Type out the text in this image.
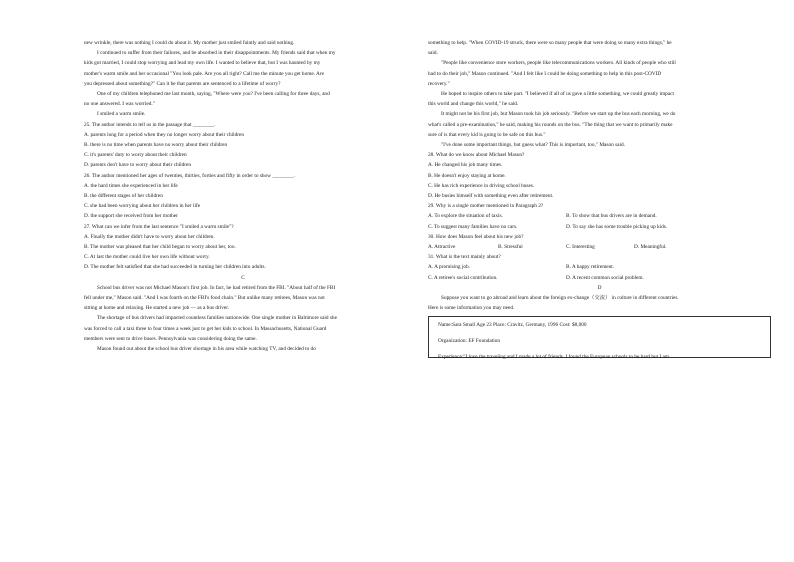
new wrinkle, there was nothing I could do about it. My mother just smiled faintly and said nothing.

I continued to suffer from their failures, and be absorbed in their disappointments. My friends said that when my

kids got married, I could stop worrying and lead my own life. I wanted to believe that, but I was haunted by my

mother's warm smile and her occasional "You look pale. Are you all right? Call me the minute you get home. Are

you depressed about something?" Can it be that parents are sentenced to a lifetime of worry?

One of my children telephoned me last month, saying, "Where were you? I've been calling for three days, and

no one answered. I was worried."

I smiled a warm smile.

25. The author intends to tell us in the passage that ________.

A. parents long for a period when they no longer worry about their children

B. there is no time when parents have no worry about their children

C. it's parents' duty to worry about their children

D. parents don't have to worry about their children

26. The author mentioned her ages of twenties, thirties, forties and fifty in order to show ________.

A. the hard times she experienced in her life

B. the different stages of her children

C. she had been worrying about her children in her life

D. the support she received from her mother

27. What can we infer from the last sentence "I smiled a warm smile"?

A. Finally the mother didn't have to worry about her children.

B. The mother was pleased that her child began to worry about her, too.

C. At last the mother could live her own life without worry.

D. The mother felt satisfied that she had succeeded in turning her children into adults.

C

School bus driver was not Michael Mason's first job. In fact, he had retired from the FBI. "About half of the FBI

fell under me," Mason said. "And I was fourth on the FBI's food chain." But unlike many retirees, Mason was not

sitting at home and relaxing. He started a new job — as a bus driver.

The shortage of bus drivers had impacted countless families nationwide. One single mother in Baltimore said she

was forced to call a taxi three to four times a week just to get her kids to school. In Massachusetts, National Guard

members were sent to drive buses. Pennsylvania was considering doing the same.

Mason found out about the school bus driver shortage in his area while watching TV, and decided to do

something to help. "When COVID-19 struck, there were so many people that were doing so many extra things," he

said.

"People like convenience store workers, people like telecommunications workers. All kinds of people who still

had to do their job," Mason continued. "And I felt like I could be doing something to help in this post-COVID

recovery."

He hoped to inspire others to take part. "I believed if all of us gave a little something, we could greatly impact

this world and change this world," he said.

It might not be his first job, but Mason took his job seriously. "Before we start up the bus each morning, we do

what's called a pre-examination," he said, making his rounds on the bus. "The thing that we want to primarily make

sure of is that every kid is going to be safe on this bus."

"I've done some important things, but guess what? This is important, too," Mason said.

28. What do we know about Michael Mason?

A. He changed his job many times.

B. He doesn't enjoy staying at home.

C. He has rich experience in driving school buses.

D. He busies himself with something even after retirement.

29. Why is a single mother mentioned in Paragraph 2?

A. To explore the situation of taxis.	B. To show that bus drivers are in demand.

C. To suggest many families have no cars.	D. To say she has some trouble picking up kids.

30. How does Mason feel about his new job?

A. Attractive	B. Stressful	C. Interesting	D. Meaningful.

31. What is the text mainly about?

A. A promising job.	B. A happy retirement.

C. A retiree's social contribution.	D. A recent common social problem.

D

Suppose you want to go abroad and learn about the foreign ex-change（交流） in culture in different countries.

Here is some information you may need.

Name:Sara Small Age 23 Place: Cravitz, Germany, 1996 Cost: $8,000

Organization: EF Foundation

Experience:"I love the traveling and I made a lot of friends. I found the European schools to be hard but I am
